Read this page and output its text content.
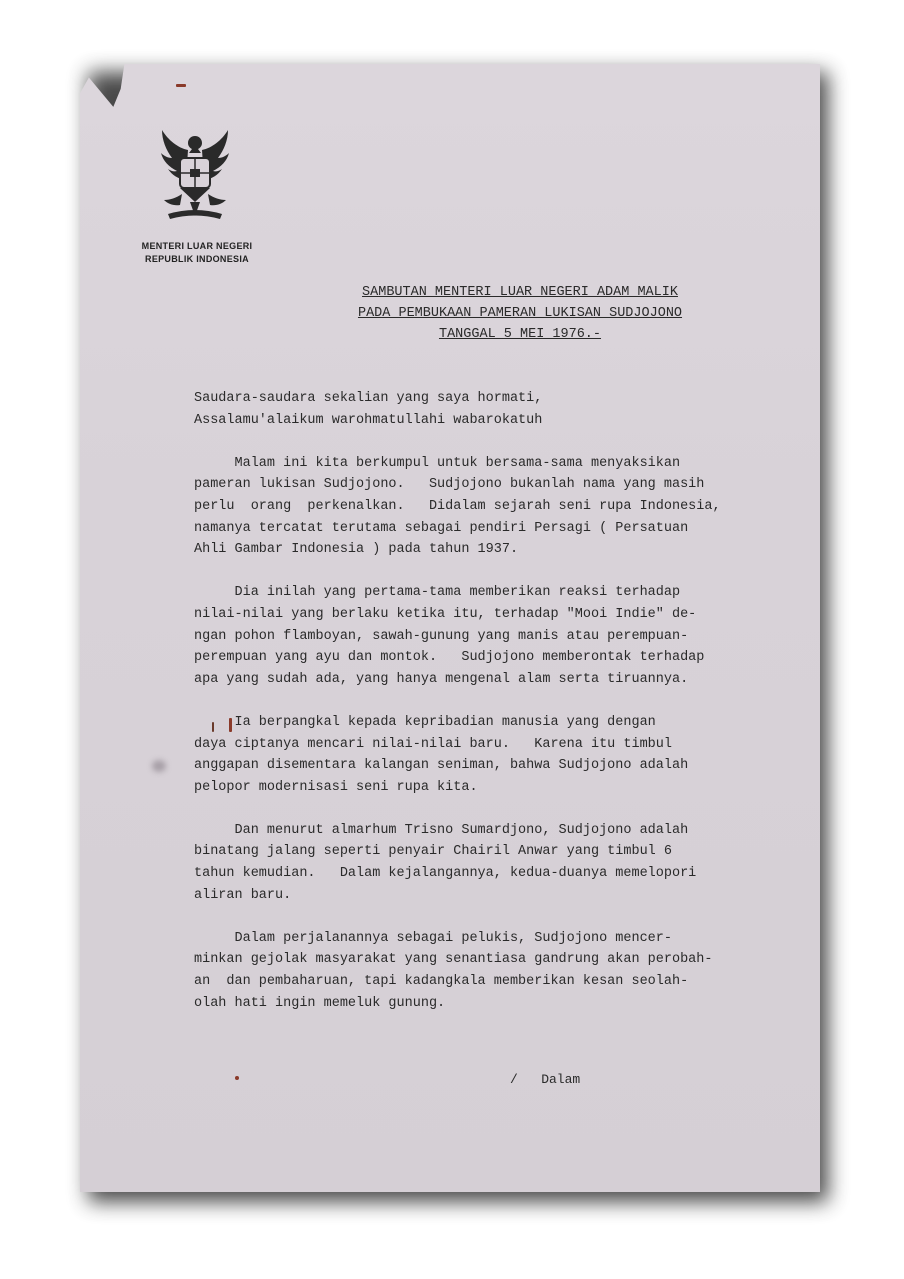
MENTERI LUAR NEGERI
REPUBLIK INDONESIA
SAMBUTAN MENTERI LUAR NEGERI ADAM MALIK
PADA PEMBUKAAN PAMERAN LUKISAN SUDJOJONO
TANGGAL 5 MEI 1976.-
Saudara-saudara sekalian yang saya hormati,
Assalamu'alaikum warohmatullahi wabarokatuh

Malam ini kita berkumpul untuk bersama-sama menyaksikan
pameran lukisan Sudjojono.   Sudjojono bukanlah nama yang masih
perlu  orang  perkenalkan.   Didalam sejarah seni rupa Indonesia,
namanya tercatat terutama sebagai pendiri Persagi ( Persatuan
Ahli Gambar Indonesia ) pada tahun 1937.

Dia inilah yang pertama-tama memberikan reaksi terhadap
nilai-nilai yang berlaku ketika itu, terhadap "Mooi Indie" de-
ngan pohon flamboyan, sawah-gunung yang manis atau perempuan-
perempuan yang ayu dan montok.   Sudjojono memberontak terhadap
apa yang sudah ada, yang hanya mengenal alam serta tiruannya.

Ia berpangkal kepada kepribadian manusia yang dengan
daya ciptanya mencari nilai-nilai baru.   Karena itu timbul
anggapan disementara kalangan seniman, bahwa Sudjojono adalah
pelopor modernisasi seni rupa kita.

Dan menurut almarhum Trisno Sumardjono, Sudjojono adalah
binatang jalang seperti penyair Chairil Anwar yang timbul 6
tahun kemudian.   Dalam kejalangannya, kedua-duanya memelopori
aliran baru.

Dalam perjalanannya sebagai pelukis, Sudjojono mencer-
minkan gejolak masyarakat yang senantiasa gandrung akan perobah-
an  dan pembaharuan, tapi kadangkala memberikan kesan seolah-
olah hati ingin memeluk gunung.

/   Dalam
